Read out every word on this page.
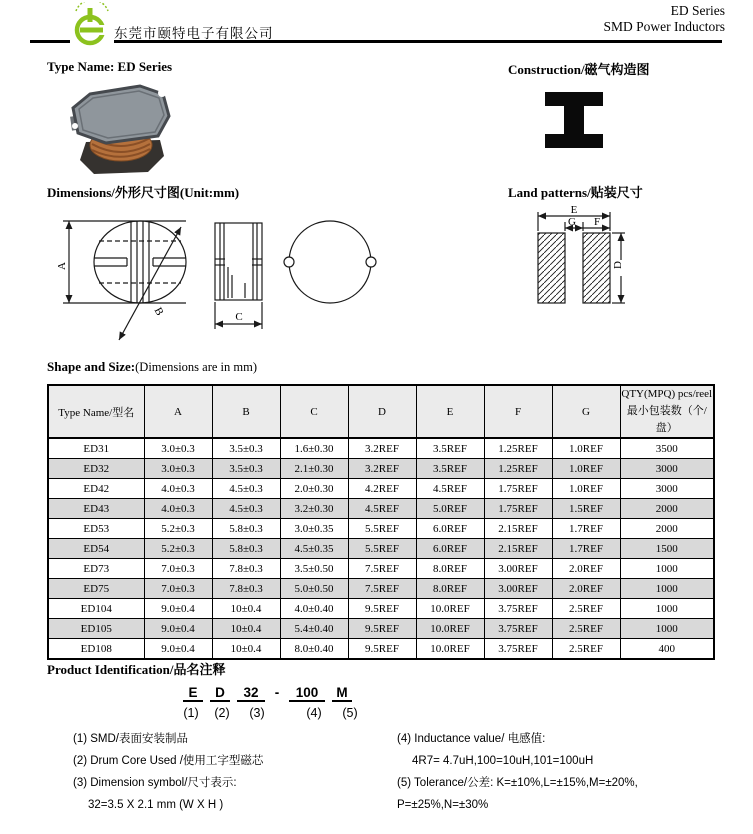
东莞市颐特电子有限公司
ED Series
SMD Power Inductors
Type Name: ED Series	Construction/磁气构造图
Dimensions/外形尺寸图(Unit:mm)	Land patterns/贴装尺寸
A
B	C
E
G F
D
Shape and Size:(Dimensions are in mm)
Type Name/型名	A	B	C	D	E	F	G	QTY(MPQ) pcs/reel
最小包装数（个/盘）

ED31	3.0±0.3	3.5±0.3	1.6±0.30	3.2REF	3.5REF	1.25REF	1.0REF	3500
ED32	3.0±0.3	3.5±0.3	2.1±0.30	3.2REF	3.5REF	1.25REF	1.0REF	3000
ED42	4.0±0.3	4.5±0.3	2.0±0.30	4.2REF	4.5REF	1.75REF	1.0REF	3000
ED43	4.0±0.3	4.5±0.3	3.2±0.30	4.5REF	5.0REF	1.75REF	1.5REF	2000
ED53	5.2±0.3	5.8±0.3	3.0±0.35	5.5REF	6.0REF	2.15REF	1.7REF	2000
ED54	5.2±0.3	5.8±0.3	4.5±0.35	5.5REF	6.0REF	2.15REF	1.7REF	1500
ED73	7.0±0.3	7.8±0.3	3.5±0.50	7.5REF	8.0REF	3.00REF	2.0REF	1000
ED75	7.0±0.3	7.8±0.3	5.0±0.50	7.5REF	8.0REF	3.00REF	2.0REF	1000
ED104	9.0±0.4	10±0.4	4.0±0.40	9.5REF	10.0REF	3.75REF	2.5REF	1000
ED105	9.0±0.4	10±0.4	5.4±0.40	9.5REF	10.0REF	3.75REF	2.5REF	1000
ED108	9.0±0.4	10±0.4	8.0±0.40	9.5REF	10.0REF	3.75REF	2.5REF	400
Product Identification/品名注释
E	D	32	-	100	M
(1)	(2)	(3)	(4)	(5)
(1) SMD/表面安装制品
(2) Drum Core Used /使用工字型磁芯
(3) Dimension symbol/尺寸表示:
32=3.5 X 2.1 mm (W X H )
(4) Inductance value/ 电感值:
4R7= 4.7uH,100=10uH,101=100uH
(5) Tolerance/公差: K=±10%,L=±15%,M=±20%,
P=±25%,N=±30%
